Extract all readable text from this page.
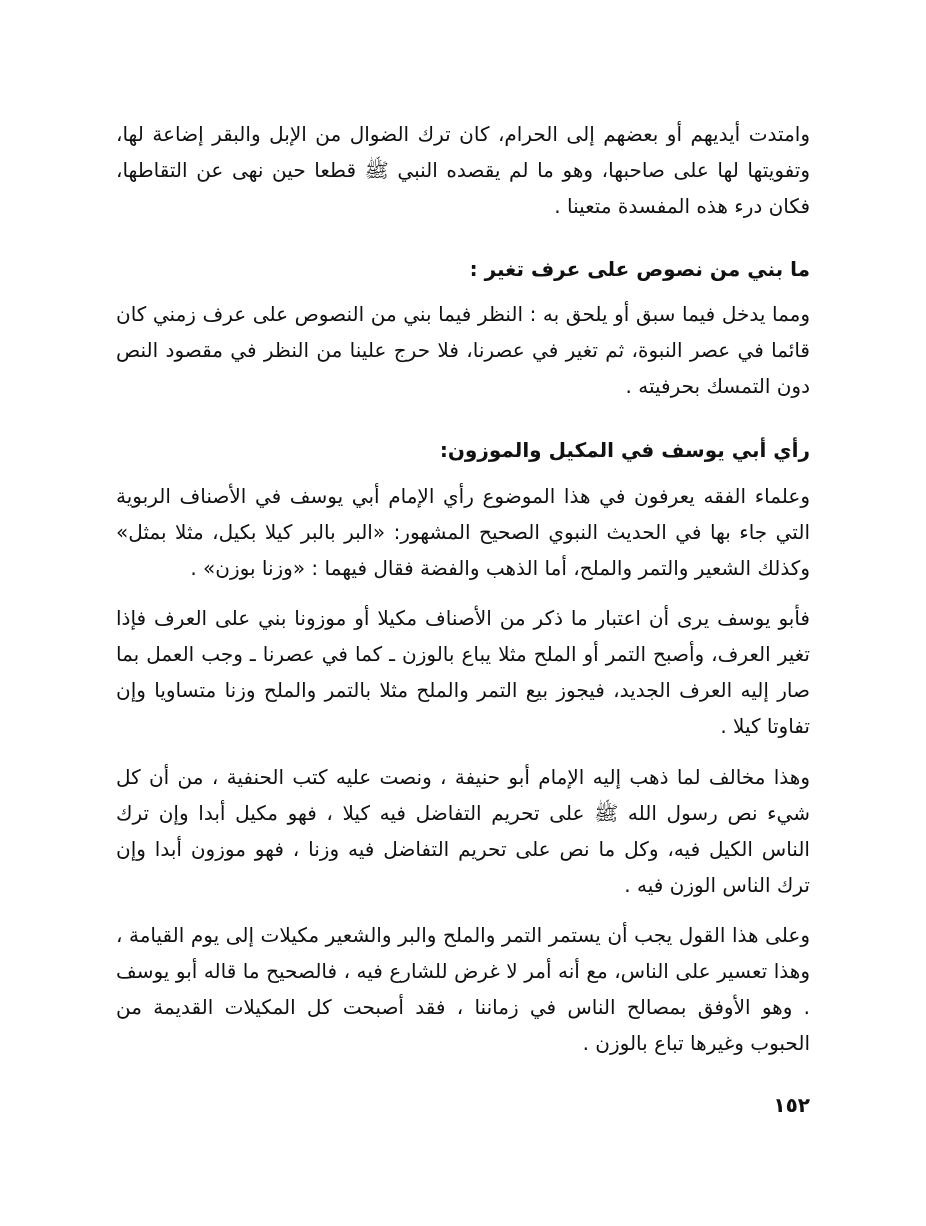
وامتدت أيديهم أو بعضهم إلى الحرام، كان ترك الضوال من الإبل والبقر إضاعة لها، وتفويتها لها على صاحبها، وهو ما لم يقصده النبي ﷺ قطعا حين نهى عن التقاطها، فكان درء هذه المفسدة متعينا .

ما بني من نصوص على عرف تغير :

ومما يدخل فيما سبق أو يلحق به : النظر فيما بني من النصوص على عرف زمني كان قائما في عصر النبوة، ثم تغير في عصرنا، فلا حرج علينا من النظر في مقصود النص دون التمسك بحرفيته .

رأي أبي يوسف في المكيل والموزون:

وعلماء الفقه يعرفون في هذا الموضوع رأي الإمام أبي يوسف في الأصناف الربوية التي جاء بها في الحديث النبوي الصحيح المشهور: «البر بالبر كيلا بكيل، مثلا بمثل» وكذلك الشعير والتمر والملح، أما الذهب والفضة فقال فيهما : «وزنا بوزن» .

فأبو يوسف يرى أن اعتبار ما ذكر من الأصناف مكيلا أو موزونا بني على العرف فإذا تغير العرف، وأصبح التمر أو الملح مثلا يباع بالوزن ـ كما في عصرنا ـ وجب العمل بما صار إليه العرف الجديد، فيجوز بيع التمر والملح مثلا بالتمر والملح وزنا متساويا وإن تفاوتا كيلا .

وهذا مخالف لما ذهب إليه الإمام أبو حنيفة ، ونصت عليه كتب الحنفية ، من أن كل شيء نص رسول الله ﷺ على تحريم التفاضل فيه كيلا ، فهو مكيل أبدا وإن ترك الناس الكيل فيه، وكل ما نص على تحريم التفاضل فيه وزنا ، فهو موزون أبدا وإن ترك الناس الوزن فيه .

وعلى هذا القول يجب أن يستمر التمر والملح والبر والشعير مكيلات إلى يوم القيامة ، وهذا تعسير على الناس، مع أنه أمر لا غرض للشارع فيه ، فالصحيح ما قاله أبو يوسف . وهو الأوفق بمصالح الناس في زماننا ، فقد أصبحت كل المكيلات القديمة من الحبوب وغيرها تباع بالوزن .

١٥٢
